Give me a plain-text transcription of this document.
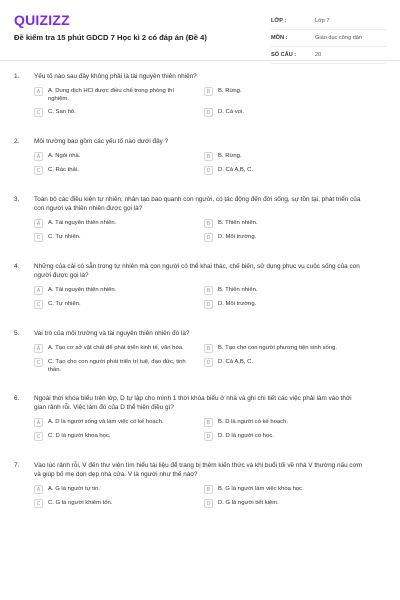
QUIZIZZ
Đề kiểm tra 15 phút GDCD 7 Học kì 2 có đáp án (Đề 4)
LỚP :	Lớp 7
MÔN :	Giáo dục công dân
SỐ CÂU :	20
1.	Yếu tố nào sau đây không phải là tài nguyên thiên nhiên?
A	A. Dung dịch HCl được điều chế trong phòng thí nghiệm.
B	B. Rừng.
C	C. San hô.	D	D. Cá voi.
2.	Môi trường bao gồm các yếu tố nào dưới đây ?
A	A. Ngôi nhà.	B	B. Rừng.
C	C. Rác thải.	D	D. Cả A,B, C.
3.	Toàn bộ các điều kiện tự nhiên, nhân tạo bao quanh con người, có tác động đến đời sống, sự tồn tại, phát triển của con người và thiên nhiên được gọi là?
A	A. Tài nguyên thiên nhiên.	B	B. Thiên nhiên.
C	C. Tự nhiên.	D	D. Môi trường.
4.	Những của cải có sẵn trong tự nhiên mà con người có thể khai thác, chế biến, sử dụng phục vụ cuộc sống của con người được gọi là?
A	A. Tài nguyên thiên nhiên.	B	B. Thiên nhiên.
C	C. Tự nhiên.	D	D. Môi trường.
5.	Vai trò của môi trường và tài nguyên thiên nhiên đó là?
A	A. Tạo cơ sở vật chất để phát triển kinh tế, văn hóa.	B	B. Tạo cho con người phương tiện sinh sống.
C	C. Tạo cho con người phát triển trí tuệ, đạo đức, tinh thần.
D	D. Cả A,B, C.
6.	Ngoài thời khóa biểu trên lớp, D tự lập cho mình 1 thời khóa biểu ở nhà và ghi chi tiết các việc phải làm vào thời gian rảnh rỗi. Việc làm đó của D thể hiện điều gì?
A	A. D là người sống và làm việc có kế hoạch.	B	B. D là người có kế hoạch.
C	C. D là người khoa học.	D	D. D là người có học.
7.	Vào lúc rảnh rỗi, V đến thư viện tìm hiểu tài liệu để trang bị thêm kiến thức và khi buổi tối về nhà V thường nấu cơm và giúp bố mẹ dọn dẹp nhà cửa. V là người như thế nào?
A	A. G là người tự tin.	B	B. G là người làm việc khoa học.
C	C. G là người khiêm tốn.	D	D. G là người tiết kiệm.
